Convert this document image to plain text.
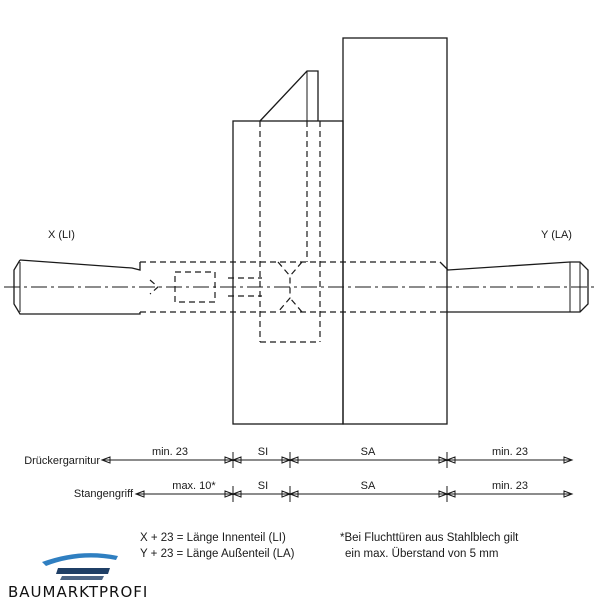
X (LI)	Y (LA)
Drückergarnitur
min. 23	SI	SA	min. 23
Stangengriff
max. 10*	SI	SA	min. 23
X + 23 = Länge Innenteil (LI)
Y + 23 = Länge Außenteil (LA)
*Bei Fluchttüren aus Stahlblech gilt
ein max. Überstand von 5 mm
BAUMARKTPROFI
